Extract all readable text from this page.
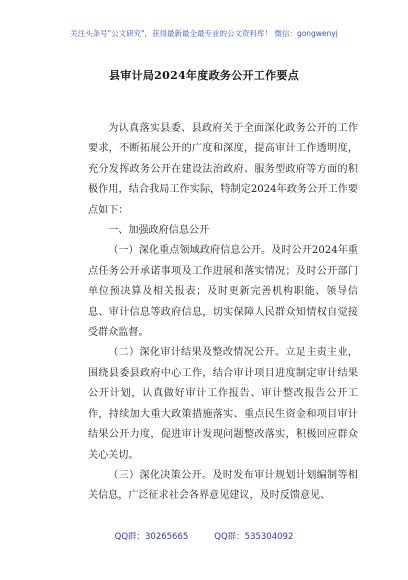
关注头条号"公文研究"，获得最新最全最专业的公文资料库！ 微信：gongwenyj
县审计局2024年度政务公开工作要点

为认真落实县委、县政府关于全面深化政务公开的工作要求，不断拓展公开的广度和深度，提高审计工作透明度，充分发挥政务公开在建设法治政府、服务型政府等方面的积极作用，结合我局工作实际，特制定2024年政务公开工作要点如下：

一、加强政府信息公开

（一）深化重点领域政府信息公开。及时公开2024年重点任务公开承诺事项及工作进展和落实情况；及时公开部门单位预决算及相关报表；及时更新完善机构职能、领导信息、审计信息等政府信息，切实保障人民群众知情权自觉接受群众监督。

（二）深化审计结果及整改情况公开。立足主责主业，围绕县委县政府中心工作，结合审计项目进度制定审计结果公开计划，认真做好审计工作报告、审计整改报告公开工作，持续加大重大政策措施落实、重点民生资金和项目审计结果公开力度，促进审计发现问题整改落实，积极回应群众关心关切。

（三）深化决策公开。及时发布审计规划计划编制等相关信息，广泛征求社会各界意见建议，及时反馈意见、

QQ群：30265665	QQ群：535304092
